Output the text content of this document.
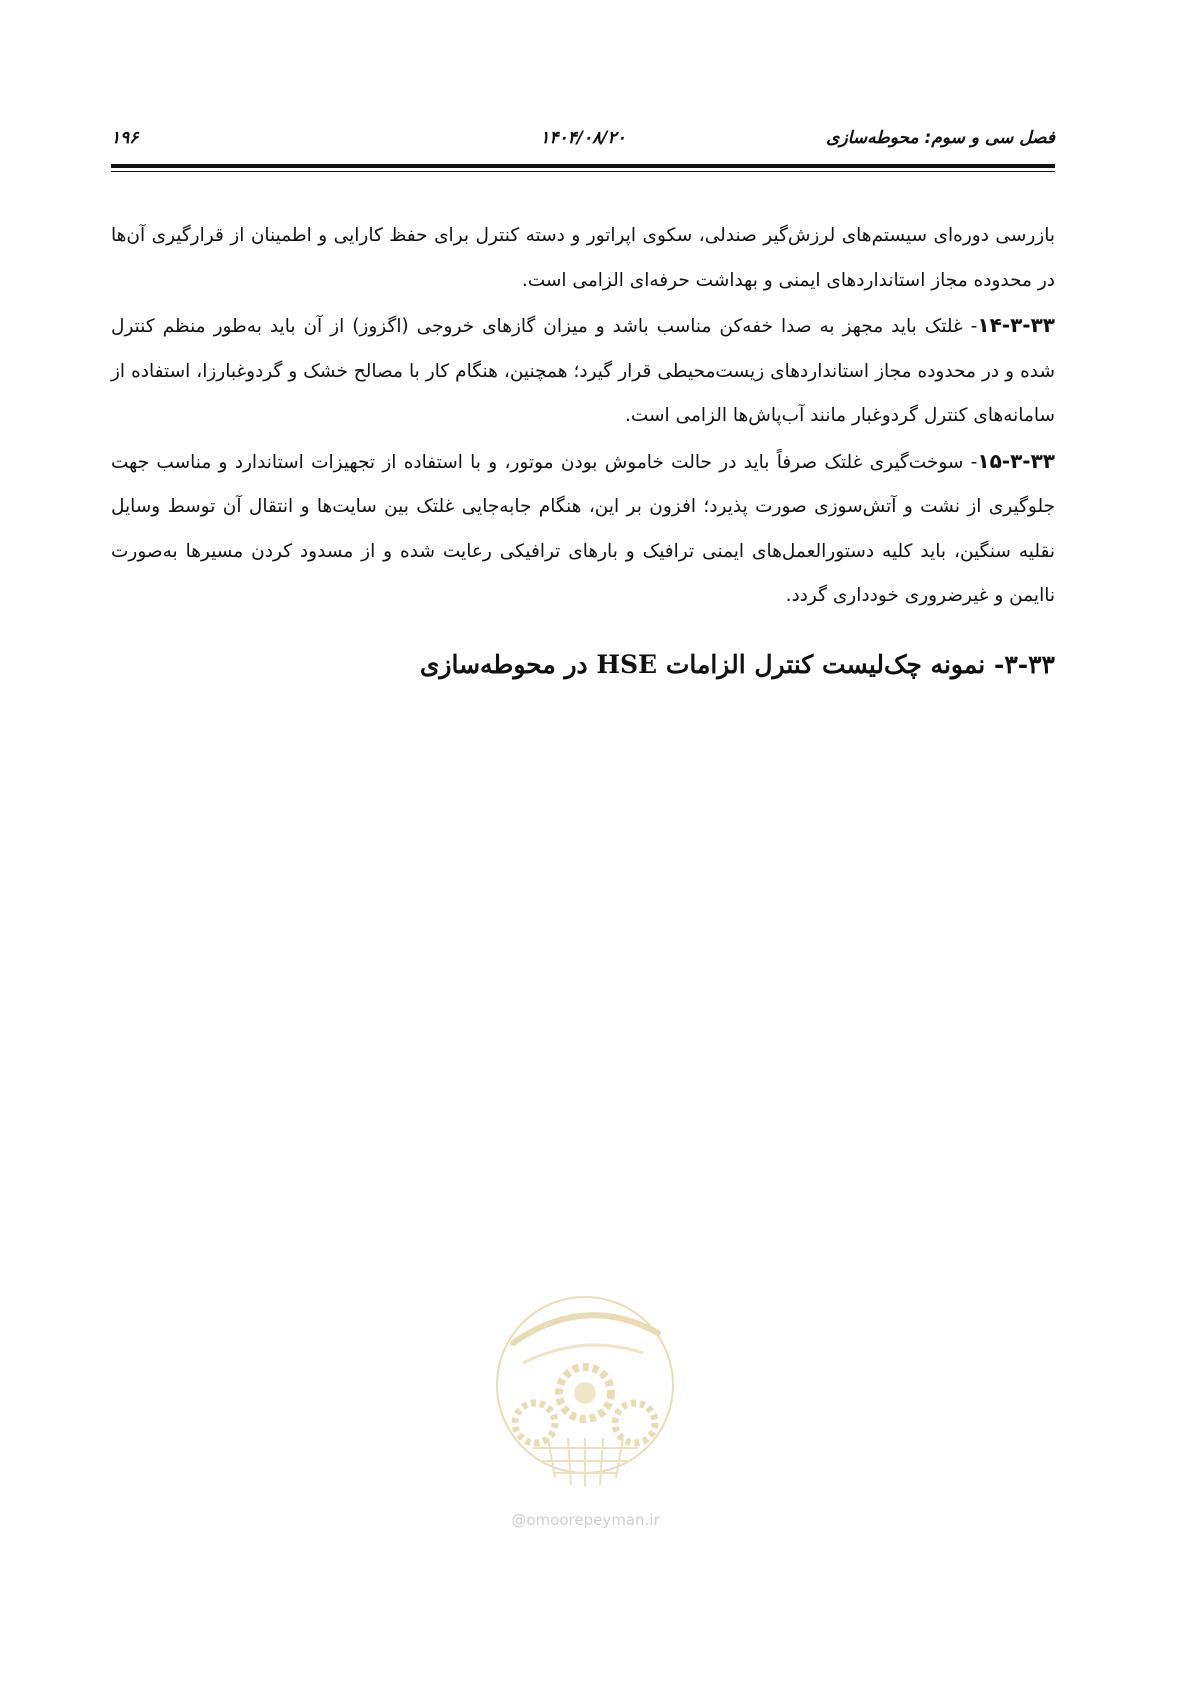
فصل سی و سوم: محوطه‌سازی
۱۴۰۴/۰۸/۲۰
۱۹۶

بازرسی دوره‌ای سیستم‌های لرزش‌گیر صندلی، سکوی اپراتور و دسته کنترل برای حفظ کارایی و اطمینان از قرارگیری آن‌ها در محدوده مجاز استانداردهای ایمنی و بهداشت حرفه‌ای الزامی است.

۱۴-۳-۳۳- غلتک باید مجهز به صدا خفه‌کن مناسب باشد و میزان گازهای خروجی (اگزوز) از آن باید به‌طور منظم کنترل شده و در محدوده مجاز استانداردهای زیست‌محیطی قرار گیرد؛ همچنین، هنگام کار با مصالح خشک و گردوغبارزا، استفاده از سامانه‌های کنترل گردوغبار مانند آب‌پاش‌ها الزامی است.

۱۵-۳-۳۳- سوخت‌گیری غلتک صرفاً باید در حالت خاموش بودن موتور، و با استفاده از تجهیزات استاندارد و مناسب جهت جلوگیری از نشت و آتش‌سوزی صورت پذیرد؛ افزون بر این، هنگام جابه‌جایی غلتک بین سایت‌ها و انتقال آن توسط وسایل نقلیه سنگین، باید کلیه دستورالعمل‌های ایمنی ترافیک و بارهای ترافیکی رعایت شده و از مسدود کردن مسیرها به‌صورت ناایمن و غیرضروری خودداری گردد.

۳-۳۳- نمونه چک‌لیست کنترل الزامات HSE در محوطه‌سازی
@omoorepeyman.ir
